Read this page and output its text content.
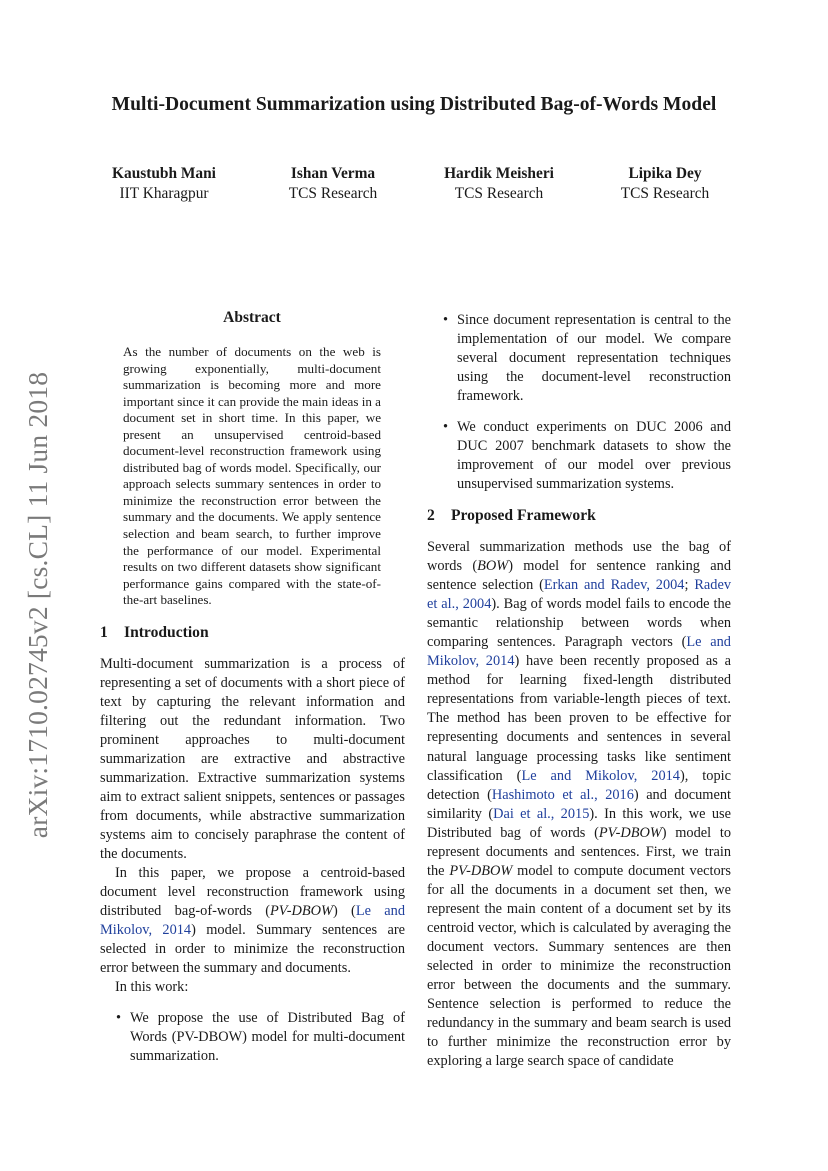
Multi-Document Summarization using Distributed Bag-of-Words Model
Kaustubh Mani
IIT Kharagpur
Ishan Verma
TCS Research
Hardik Meisheri
TCS Research
Lipika Dey
TCS Research
arXiv:1710.02745v2 [cs.CL] 11 Jun 2018
Abstract

As the number of documents on the web is growing exponentially, multi-document summarization is becoming more and more important since it can provide the main ideas in a document set in short time. In this paper, we present an unsupervised centroid-based document-level reconstruction framework using distributed bag of words model. Specifically, our approach selects summary sentences in order to minimize the reconstruction error between the summary and the documents. We apply sentence selection and beam search, to further improve the performance of our model. Experimental results on two different datasets show significant performance gains compared with the state-of-the-art baselines.

1 Introduction

Multi-document summarization is a process of representing a set of documents with a short piece of text by capturing the relevant information and filtering out the redundant information. Two prominent approaches to multi-document summarization are extractive and abstractive summarization. Extractive summarization systems aim to extract salient snippets, sentences or passages from documents, while abstractive summarization systems aim to concisely paraphrase the content of the documents.

In this paper, we propose a centroid-based document level reconstruction framework using distributed bag-of-words (PV-DBOW) (Le and Mikolov, 2014) model. Summary sentences are selected in order to minimize the reconstruction error between the summary and documents.

In this work:

• We propose the use of Distributed Bag of Words (PV-DBOW) model for multi-document summarization.

• Since document representation is central to the implementation of our model. We compare several document representation techniques using the document-level reconstruction framework.

• We conduct experiments on DUC 2006 and DUC 2007 benchmark datasets to show the improvement of our model over previous unsupervised summarization systems.

2 Proposed Framework

Several summarization methods use the bag of words (BOW) model for sentence ranking and sentence selection (Erkan and Radev, 2004; Radev et al., 2004). Bag of words model fails to encode the semantic relationship between words when comparing sentences. Paragraph vectors (Le and Mikolov, 2014) have been recently proposed as a method for learning fixed-length distributed representations from variable-length pieces of text. The method has been proven to be effective for representing documents and sentences in several natural language processing tasks like sentiment classification (Le and Mikolov, 2014), topic detection (Hashimoto et al., 2016) and document similarity (Dai et al., 2015). In this work, we use Distributed bag of words (PV-DBOW) model to represent documents and sentences. First, we train the PV-DBOW model to compute document vectors for all the documents in a document set then, we represent the main content of a document set by its centroid vector, which is calculated by averaging the document vectors. Summary sentences are then selected in order to minimize the reconstruction error between the documents and the summary. Sentence selection is performed to reduce the redundancy in the summary and beam search is used to further minimize the reconstruction error by exploring a large search space of candidate
